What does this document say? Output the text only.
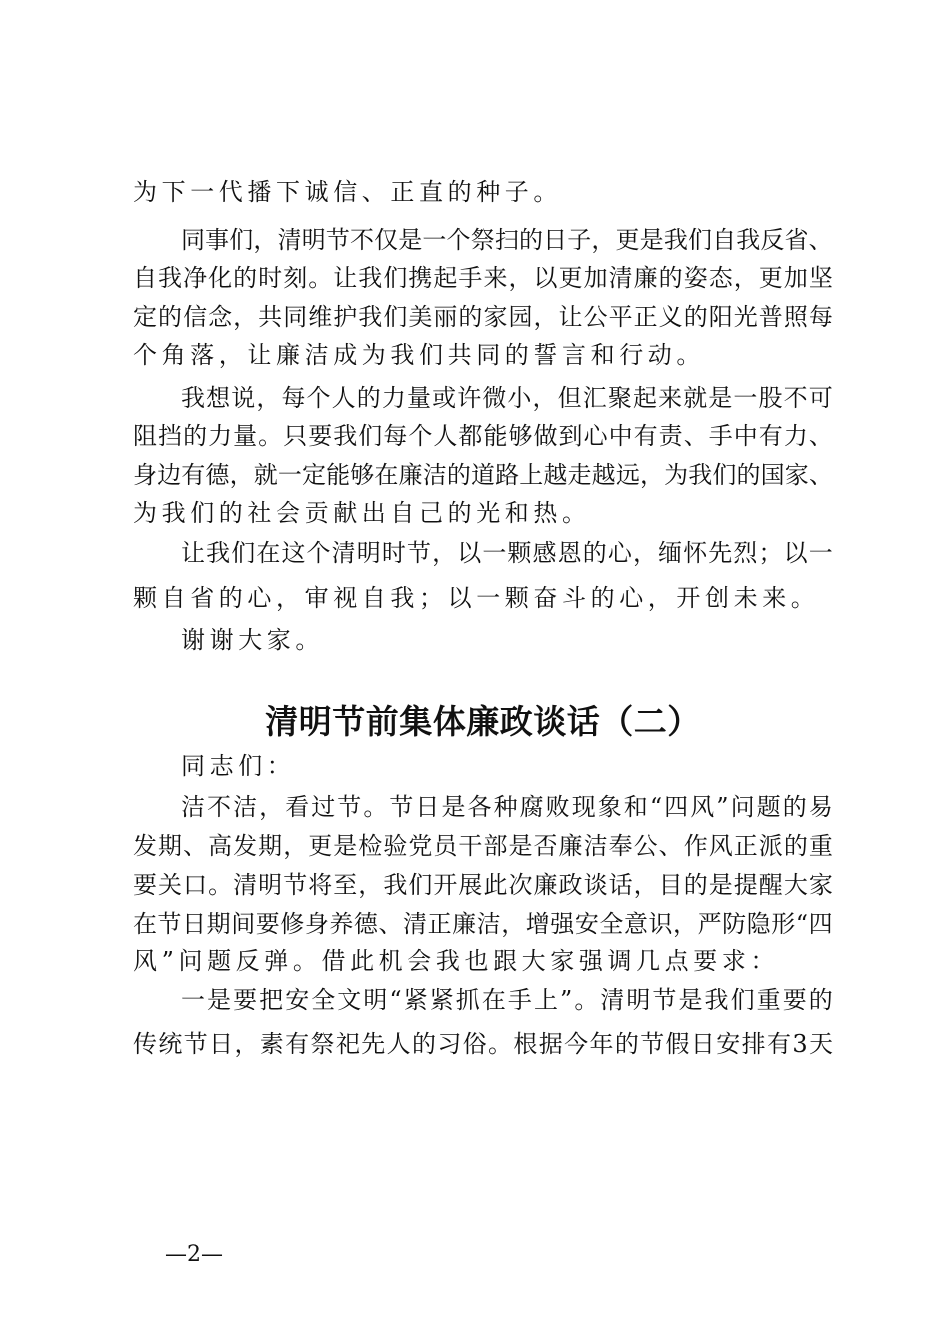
为下一代播下诚信、正直的种子。
同 事 们 ， 清 明 节 不 仅 是 一 个 祭 扫 的 日 子 ， 更 是 我 们 自 我 反 省 、
自 我 净 化 的 时 刻 。 让 我 们 携 起 手 来 ， 以 更 加 清 廉 的 姿 态 ， 更 加 坚
定 的 信 念 ， 共 同 维 护 我 们 美 丽 的 家 园 ， 让 公 平 正 义 的 阳 光 普 照 每
个角落，让廉洁成为我们共同的誓言和行动。
我 想 说 ， 每 个 人 的 力 量 或 许 微 小 ， 但 汇 聚 起 来 就 是 一 股 不 可
阻 挡 的 力 量 。 只 要 我 们 每 个 人 都 能 够 做 到 心 中 有 责 、 手 中 有 力 、
身 边 有 德 ， 就 一 定 能 够 在 廉 洁 的 道 路 上 越 走 越 远 ， 为 我 们 的 国 家 、
为我们的社会贡献出自己的光和热。
让 我 们 在 这 个 清 明 时 节 ， 以 一 颗 感 恩 的 心 ， 缅 怀 先 烈 ； 以 一
颗自省的心，审视自我；以一颗奋斗的心，开创未来。
谢谢大家。
清明节前集体廉政谈话（二）
同志们：
洁 不 洁 ， 看 过 节 。 节 日 是 各 种 腐 败 现 象 和 “ 四 风 ” 问 题 的 易
发 期 、 高 发 期 ， 更 是 检 验 党 员 干 部 是 否 廉 洁 奉 公 、 作 风 正 派 的 重
要 关 口 。 清 明 节 将 至 ， 我 们 开 展 此 次 廉 政 谈 话 ， 目 的 是 提 醒 大 家
在 节 日 期 间 要 修 身 养 德 、 清 正 廉 洁 ， 增 强 安 全 意 识 ， 严 防 隐 形 “ 四
风”问题反弹。借此机会我也跟大家强调几点要求：
一 是 要 把 安 全 文 明 “ 紧 紧 抓 在 手 上 ” 。 清 明 节 是 我 们 重 要 的
传 统 节 日 ， 素 有 祭 祀 先 人 的 习 俗 。 根 据 今 年 的 节 假 日 安 排 有 3 天
—2—
